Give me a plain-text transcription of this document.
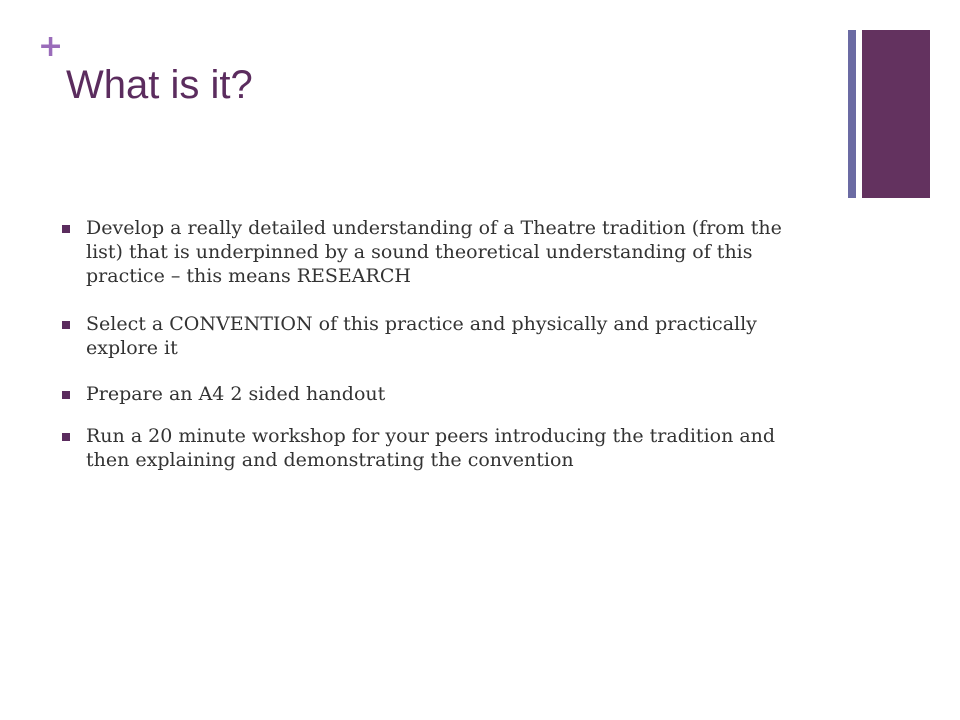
+
What is it?
Develop a really detailed understanding of a Theatre tradition (from the list) that is underpinned by a sound theoretical understanding of this practice – this means RESEARCH
Select a CONVENTION of this practice and physically and practically explore it
Prepare an A4 2 sided handout
Run a 20 minute workshop for your peers introducing the tradition and then explaining and demonstrating the convention
